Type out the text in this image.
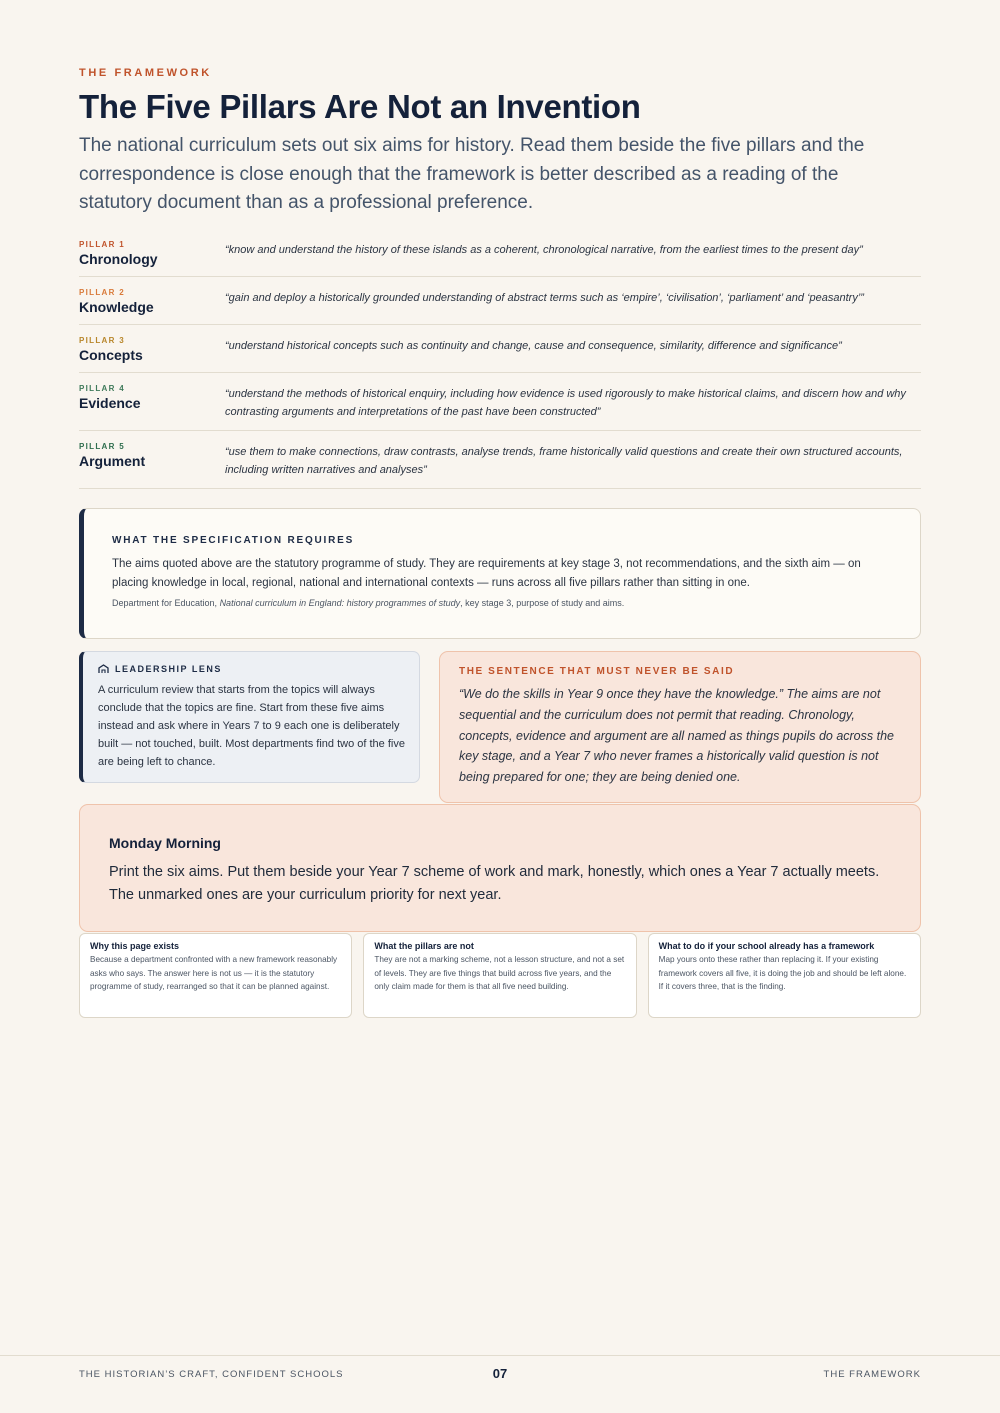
THE FRAMEWORK
The Five Pillars Are Not an Invention

The national curriculum sets out six aims for history. Read them beside the five pillars and the correspondence is close enough that the framework is better described as a reading of the statutory document than as a professional preference.

PILLAR 1
Chronology
“know and understand the history of these islands as a coherent, chronological narrative, from the earliest times to the present day”
PILLAR 2
Knowledge
“gain and deploy a historically grounded understanding of abstract terms such as ‘empire’, ‘civilisation’, ‘parliament’ and ‘peasantry’”
PILLAR 3
Concepts
“understand historical concepts such as continuity and change, cause and consequence, similarity, difference and significance”
PILLAR 4
Evidence
“understand the methods of historical enquiry, including how evidence is used rigorously to make historical claims, and discern how and why contrasting arguments and interpretations of the past have been constructed”
PILLAR 5
Argument
“use them to make connections, draw contrasts, analyse trends, frame historically valid questions and create their own structured accounts, including written narratives and analyses”
WHAT THE SPECIFICATION REQUIRES

The aims quoted above are the statutory programme of study. They are requirements at key stage 3, not recommendations, and the sixth aim — on placing knowledge in local, regional, national and international contexts — runs across all five pillars rather than sitting in one.

Department for Education, National curriculum in England: history programmes of study, key stage 3, purpose of study and aims.

LEADERSHIP LENS

A curriculum review that starts from the topics will always conclude that the topics are fine. Start from these five aims instead and ask where in Years 7 to 9 each one is deliberately built — not touched, built. Most departments find two of the five are being left to chance.

THE SENTENCE THAT MUST NEVER BE SAID

“We do the skills in Year 9 once they have the knowledge.” The aims are not sequential and the curriculum does not permit that reading. Chronology, concepts, evidence and argument are all named as things pupils do across the key stage, and a Year 7 who never frames a historically valid question is not being prepared for one; they are being denied one.

Monday Morning

Print the six aims. Put them beside your Year 7 scheme of work and mark, honestly, which ones a Year 7 actually meets. The unmarked ones are your curriculum priority for next year.

Why this page exists

Because a department confronted with a new framework reasonably asks who says. The answer here is not us — it is the statutory programme of study, rearranged so that it can be planned against.

What the pillars are not

They are not a marking scheme, not a lesson structure, and not a set of levels. They are five things that build across five years, and the only claim made for them is that all five need building.

What to do if your school already has a framework

Map yours onto these rather than replacing it. If your existing framework covers all five, it is doing the job and should be left alone. If it covers three, that is the finding.

THE HISTORIAN’S CRAFT, CONFIDENT SCHOOLS	07	THE FRAMEWORK
